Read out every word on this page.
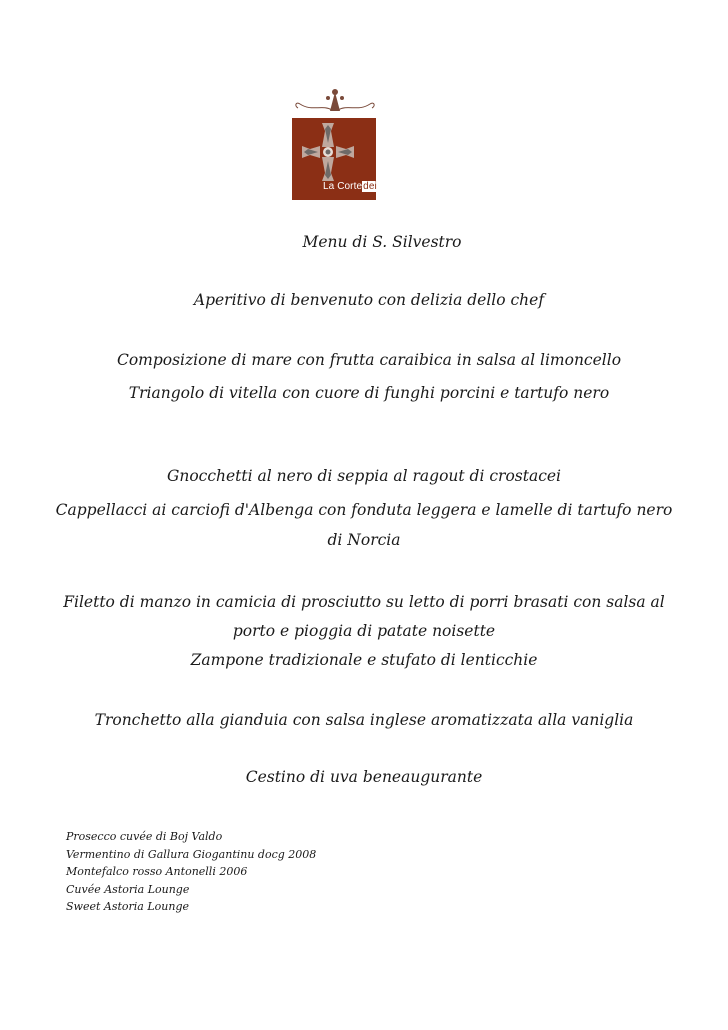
La CortedeiNuti
Restaurant
Menu di S. Silvestro
Aperitivo di benvenuto con delizia dello chef
Composizione di mare con frutta caraibica in salsa al limoncello
Triangolo di vitella con cuore di funghi porcini e tartufo nero
Gnocchetti al nero di seppia al ragout di crostacei
Cappellacci ai carciofi d'Albenga con fonduta leggera e lamelle di tartufo nero
di Norcia
Filetto di manzo in camicia di prosciutto su letto di porri brasati con salsa al
porto e pioggia di patate noisette
Zampone tradizionale e stufato di lenticchie
Tronchetto alla gianduia con salsa inglese aromatizzata alla vaniglia
Cestino di uva beneaugurante
Prosecco cuvée di Boj Valdo
Vermentino di Gallura Giogantinu docg 2008
Montefalco rosso Antonelli 2006
Cuvée Astoria Lounge
Sweet Astoria Lounge
